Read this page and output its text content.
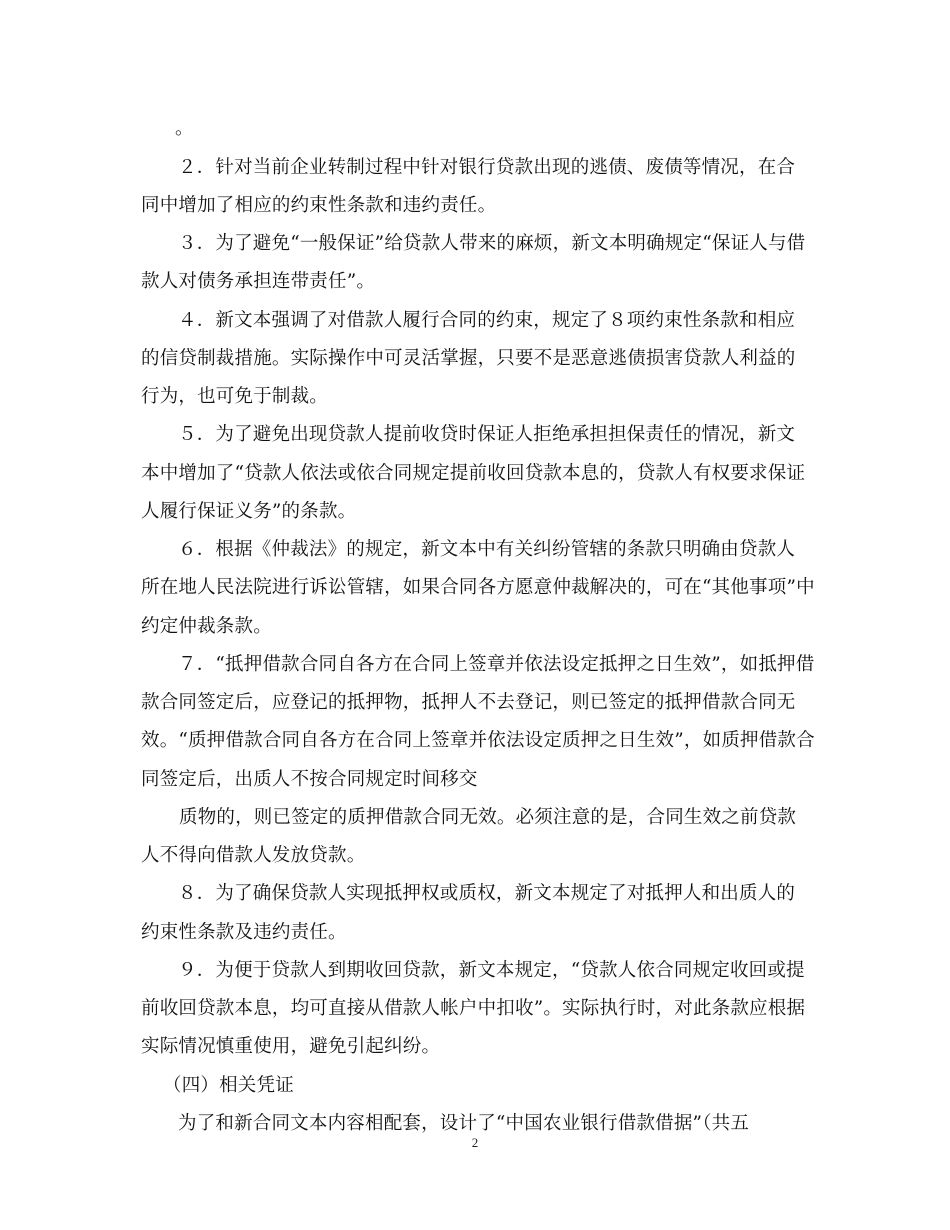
。
２．针对当前企业转制过程中针对银行贷款出现的逃债、废债等情况，在合
同中增加了相应的约束性条款和违约责任。
３．为了避免“一般保证”给贷款人带来的麻烦，新文本明确规定“保证人与借
款人对债务承担连带责任”。
４．新文本强调了对借款人履行合同的约束，规定了８项约束性条款和相应
的信贷制裁措施。实际操作中可灵活掌握，只要不是恶意逃债损害贷款人利益的
行为，也可免于制裁。
５．为了避免出现贷款人提前收贷时保证人拒绝承担担保责任的情况，新文
本中增加了“贷款人依法或依合同规定提前收回贷款本息的，贷款人有权要求保证
人履行保证义务”的条款。
６．根据《仲裁法》的规定，新文本中有关纠纷管辖的条款只明确由贷款人
所在地人民法院进行诉讼管辖，如果合同各方愿意仲裁解决的，可在“其他事项”中
约定仲裁条款。
７．“抵押借款合同自各方在合同上签章并依法设定抵押之日生效”，如抵押借
款合同签定后，应登记的抵押物，抵押人不去登记，则已签定的抵押借款合同无
效。“质押借款合同自各方在合同上签章并依法设定质押之日生效”，如质押借款合
同签定后，出质人不按合同规定时间移交
质物的，则已签定的质押借款合同无效。必须注意的是，合同生效之前贷款
人不得向借款人发放贷款。
８．为了确保贷款人实现抵押权或质权，新文本规定了对抵押人和出质人的
约束性条款及违约责任。
９．为便于贷款人到期收回贷款，新文本规定，“贷款人依合同规定收回或提
前收回贷款本息，均可直接从借款人帐户中扣收”。实际执行时，对此条款应根据
实际情况慎重使用，避免引起纠纷。
（四）相关凭证
为了和新合同文本内容相配套，设计了“中国农业银行借款借据”（共五
2
